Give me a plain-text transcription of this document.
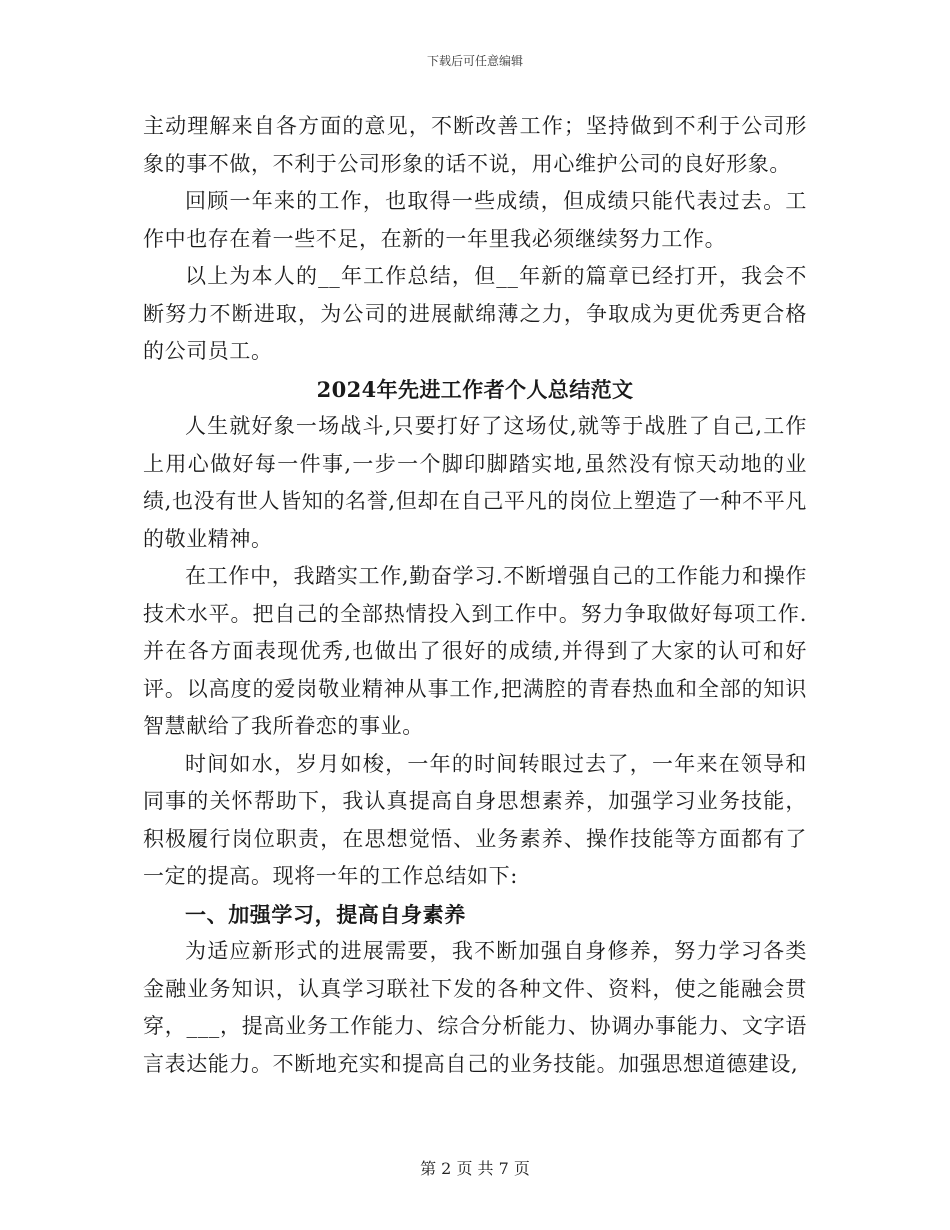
下载后可任意编辑

主动理解来自各方面的意见，不断改善工作；坚持做到不利于公司形象的事不做，不利于公司形象的话不说，用心维护公司的良好形象。

回顾一年来的工作，也取得一些成绩，但成绩只能代表过去。工作中也存在着一些不足，在新的一年里我必须继续努力工作。

以上为本人的__年工作总结，但__年新的篇章已经打开，我会不断努力不断进取，为公司的进展献绵薄之力，争取成为更优秀更合格的公司员工。

2024年先进工作者个人总结范文

人生就好象一场战斗,只要打好了这场仗,就等于战胜了自己,工作上用心做好每一件事,一步一个脚印脚踏实地,虽然没有惊天动地的业绩,也没有世人皆知的名誉,但却在自己平凡的岗位上塑造了一种不平凡的敬业精神。

在工作中，我踏实工作,勤奋学习.不断增强自己的工作能力和操作技术水平。把自己的全部热情投入到工作中。努力争取做好每项工作.并在各方面表现优秀,也做出了很好的成绩,并得到了大家的认可和好评。以高度的爱岗敬业精神从事工作,把满腔的青春热血和全部的知识智慧献给了我所眷恋的事业。

时间如水，岁月如梭，一年的时间转眼过去了，一年来在领导和同事的关怀帮助下，我认真提高自身思想素养，加强学习业务技能，积极履行岗位职责，在思想觉悟、业务素养、操作技能等方面都有了一定的提高。现将一年的工作总结如下:

一、加强学习，提高自身素养

为适应新形式的进展需要，我不断加强自身修养，努力学习各类金融业务知识，认真学习联社下发的各种文件、资料，使之能融会贯穿，___，提高业务工作能力、综合分析能力、协调办事能力、文字语言表达能力。不断地充实和提高自己的业务技能。加强思想道德建设,

第 2 页 共 7 页
